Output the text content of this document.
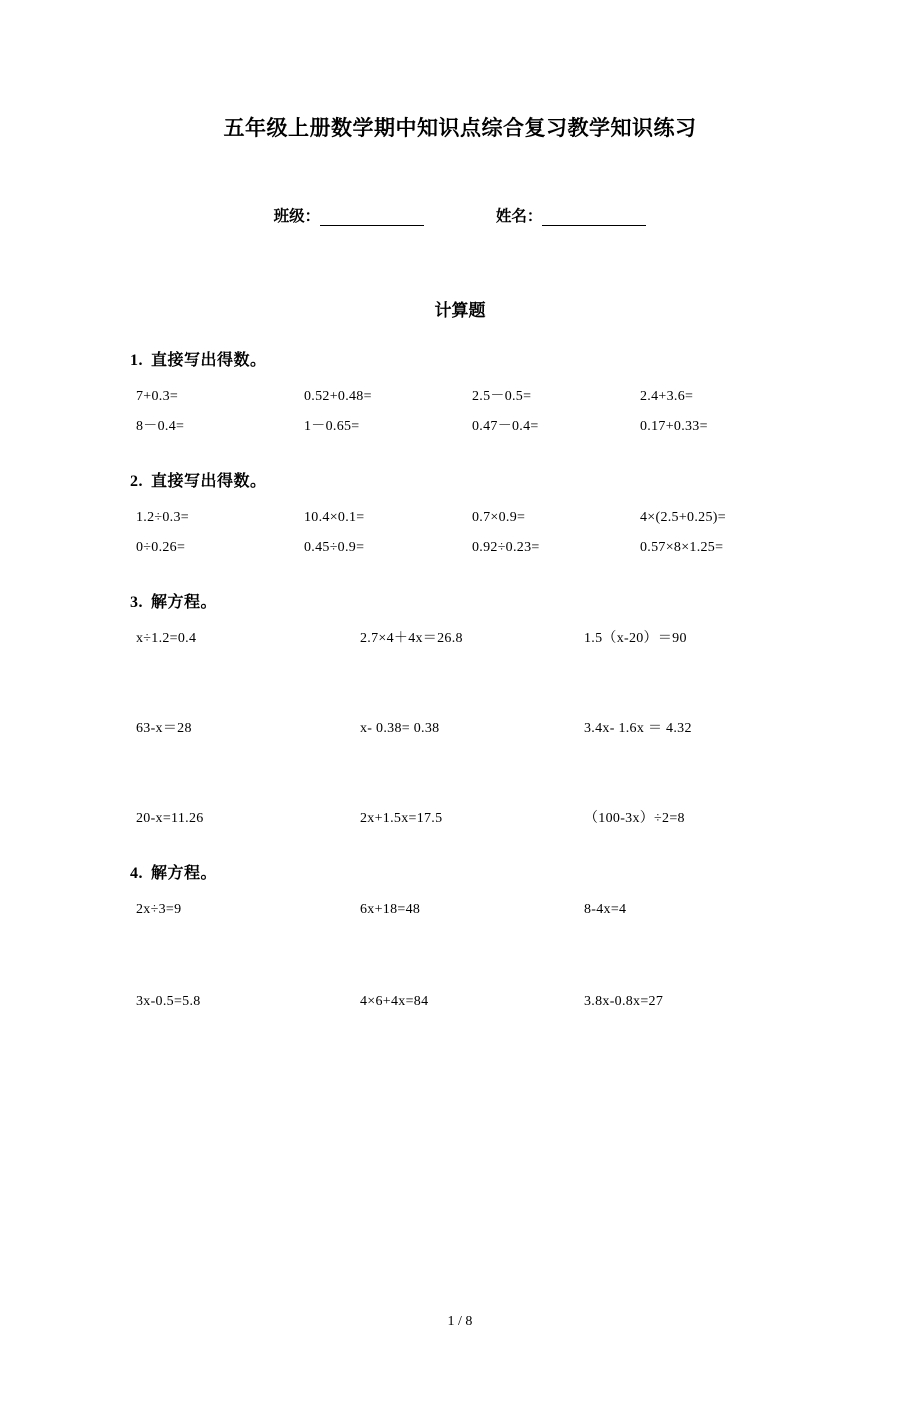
五年级上册数学期中知识点综合复习教学知识练习
班级：	姓名：
计算题
1. 直接写出得数。
7+0.3=	0.52+0.48=	2.5－0.5=	2.4+3.6=
8－0.4=	1－0.65=	0.47－0.4=	0.17+0.33=
2. 直接写出得数。
1.2÷0.3=	10.4×0.1=	0.7×0.9=	4×(2.5+0.25)=
0÷0.26=	0.45÷0.9=	0.92÷0.23=	0.57×8×1.25=
3. 解方程。
x÷1.2=0.4	2.7×4＋4x＝26.8	1.5（x-20）＝90
63-x＝28	x- 0.38= 0.38	3.4x- 1.6x ＝ 4.32
20-x=11.26	2x+1.5x=17.5	（100-3x）÷2=8
4. 解方程。
2x÷3=9	6x+18=48	8-4x=4
3x-0.5=5.8	4×6+4x=84	3.8x-0.8x=27
1 / 8
